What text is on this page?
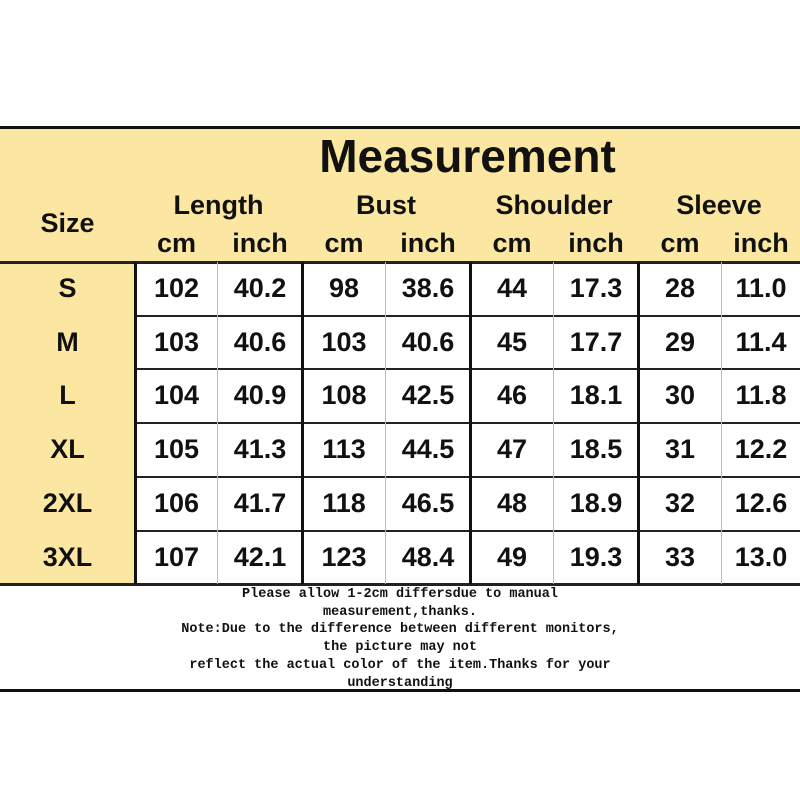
Measurement
Size
Length
cm	inch
Bust
cm	inch
Shoulder
cm	inch
Sleeve
cm	inch
S	102	40.2	98	38.6	44	17.3	28	11.0
M	103	40.6	103	40.6	45	17.7	29	11.4
L	104	40.9	108	42.5	46	18.1	30	11.8
XL	105	41.3	113	44.5	47	18.5	31	12.2
2XL	106	41.7	118	46.5	48	18.9	32	12.6
3XL	107	42.1	123	48.4	49	19.3	33	13.0
Please allow 1-2cm differsdue to manual
measurement,thanks.
Note:Due to the difference between different monitors,
the picture may not
reflect the actual color of the item.Thanks for your
understanding
